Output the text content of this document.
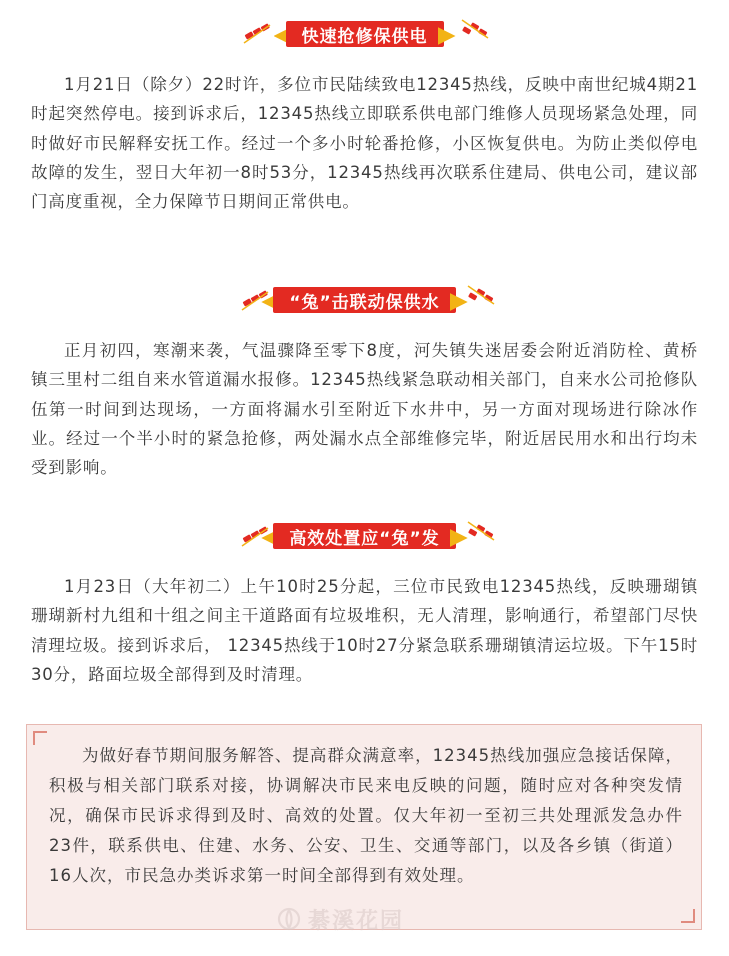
快速抢修保供电

1月21日（除夕）22时许，多位市民陆续致电12345热线，反映中南世纪城4期21时起突然停电。接到诉求后，12345热线立即联系供电部门维修人员现场紧急处理，同时做好市民解释安抚工作。经过一个多小时轮番抢修，小区恢复供电。为防止类似停电故障的发生，翌日大年初一8时53分，12345热线再次联系住建局、供电公司，建议部门高度重视，全力保障节日期间正常供电。

“兔”击联动保供水

正月初四，寒潮来袭，气温骤降至零下8度，河失镇失迷居委会附近消防栓、黄桥镇三里村二组自来水管道漏水报修。12345热线紧急联动相关部门，自来水公司抢修队伍第一时间到达现场，一方面将漏水引至附近下水井中，另一方面对现场进行除冰作业。经过一个半小时的紧急抢修，两处漏水点全部维修完毕，附近居民用水和出行均未受到影响。

高效处置应“兔”发

1月23日（大年初二）上午10时25分起，三位市民致电12345热线，反映珊瑚镇珊瑚新村九组和十组之间主干道路面有垃圾堆积，无人清理，影响通行，希望部门尽快清理垃圾。接到诉求后， 12345热线于10时27分紧急联系珊瑚镇清运垃圾。下午15时30分，路面垃圾全部得到及时清理。

为做好春节期间服务解答、提高群众满意率，12345热线加强应急接话保障，积极与相关部门联系对接，协调解决市民来电反映的问题，随时应对各种突发情况，确保市民诉求得到及时、高效的处置。仅大年初一至初三共处理派发急办件23件，联系供电、住建、水务、公安、卫生、交通等部门，以及各乡镇（街道）16人次，市民急办类诉求第一时间全部得到有效处理。

綦溪花园
